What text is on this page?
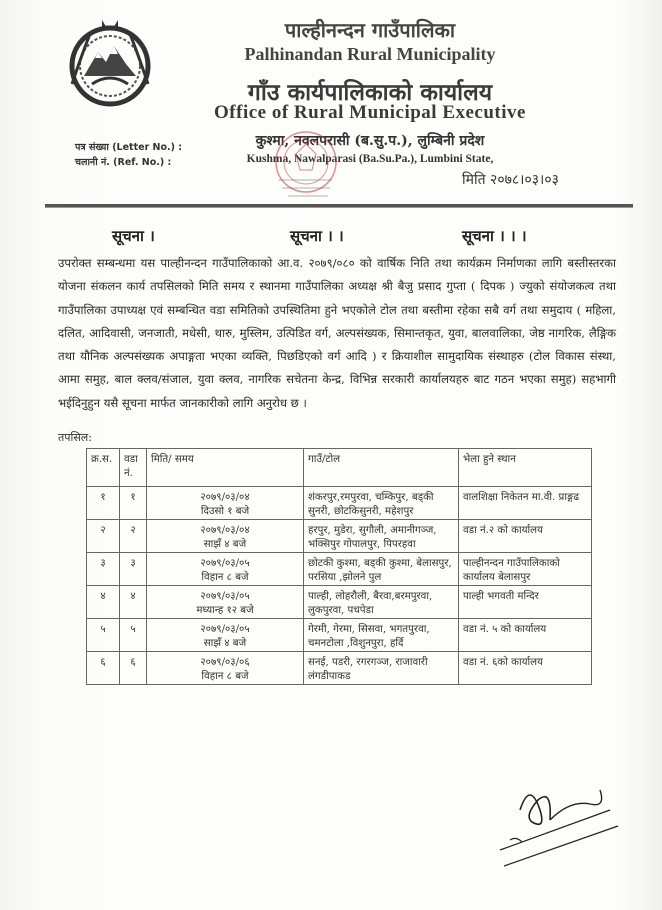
पाल्हीनन्दन गाउँपालिका
Palhinandan Rural Municipality
गाँउ कार्यपालिकाको कार्यालय
Office of Rural Municipal Executive
पत्र संख्या (Letter No.) :
चलानी नं. (Ref. No.) :
कुश्मा, नवलपरासी (ब.सु.प.), लुम्बिनी प्रदेश
Kushma, Nawalparasi (Ba.Su.Pa.), Lumbini State,
मिति २०७८।०३।०३
सूचना ।	सूचना । ।	सूचना । । ।
उपरोक्त सम्बन्धमा यस पाल्हीनन्दन गाउँपालिकाको आ.व. २०७९/०८० को वार्षिक निति तथा कार्यक्रम निर्माणका लागि बस्तीस्तरका योजना संकलन कार्य तपसिलको मिति समय र स्थानमा गाउँपालिका अध्यक्ष श्री बैजु प्रसाद गुप्ता ( दिपक ) ज्युको संयोजकत्व तथा गाउँपालिका उपाध्यक्ष एवं सम्बन्धित वडा समितिको उपस्थितिमा हुने भएकोले टोल तथा बस्तीमा रहेका सबै वर्ग तथा समुदाय ( महिला, दलित, आदिवासी, जनजाती, मधेसी, थारु, मुस्लिम, उत्पिडित वर्ग, अल्पसंख्यक, सिमान्तकृत, युवा, बालवालिका, जेष्ठ नागरिक, लैङ्गिक तथा यौनिक अल्पसंख्यक अपाङ्गता भएका व्यक्ति, पिछडिएको वर्ग आदि ) र क्रियाशील सामुदायिक संस्थाहरु (टोल विकास संस्था, आमा समुह, बाल क्लव/संजाल, युवा क्लव, नागरिक सचेतना केन्द्र, विभिन्न सरकारी कार्यालयहरु बाट गठन भएका समुह) सहभागी भईदिनुहुन यसै सूचना मार्फत जानकारीको लागि अनुरोध छ ।
तपसिल:
क्र.स.	वडा नं.	मिति/ समय	गाउँ/टोल	भेला हुने स्थान
१	१	२०७९/०३/०४
दिउसो १ बजे	शंकरपुर,रमपुरवा, चम्किपुर, बड्की सुनरी, छोटकिसुनरी, महेशपुर	वालशिक्षा निकेतन मा.वी. प्राङ्गढ
२	२	२०७९/०३/०४
साझँ ४ बजे	हरपुर, मुडेरा, सुगौली, अमानीगञ्ज, भक्सिपुर गोपालपुर, पिपरहवा	वडा नं.२ को कार्यालय
३	३	२०७९/०३/०५
विहान ८ बजे	छोटकी कुश्मा, बड्की कुश्मा, बेलासपुर, परसिया ,झोलने पुल	पाल्हीनन्दन गाउँपालिकाको कार्यालय बेलासपुर
४	४	२०७९/०३/०५
मध्यान्ह १२ बजे	पाल्ही, लोहरौली, बैरवा,बरमपुरवा, लुकपुरवा, पचपेडा	पाल्ही भगवती मन्दिर
५	५	२०७९/०३/०५
साझँ ४ बजे	गेरमी, गेरमा, सिसवा, भगतपुरवा, चमनटोला ,विशुनपुरा, हर्दि	वडा नं. ५ को कार्यालय
६	६	२०७९/०३/०६
विहान ८ बजे	सनई, पडरी, रगरगञ्ज, राजावारी लंगडीपाकड	वडा नं. ६को कार्यालय
